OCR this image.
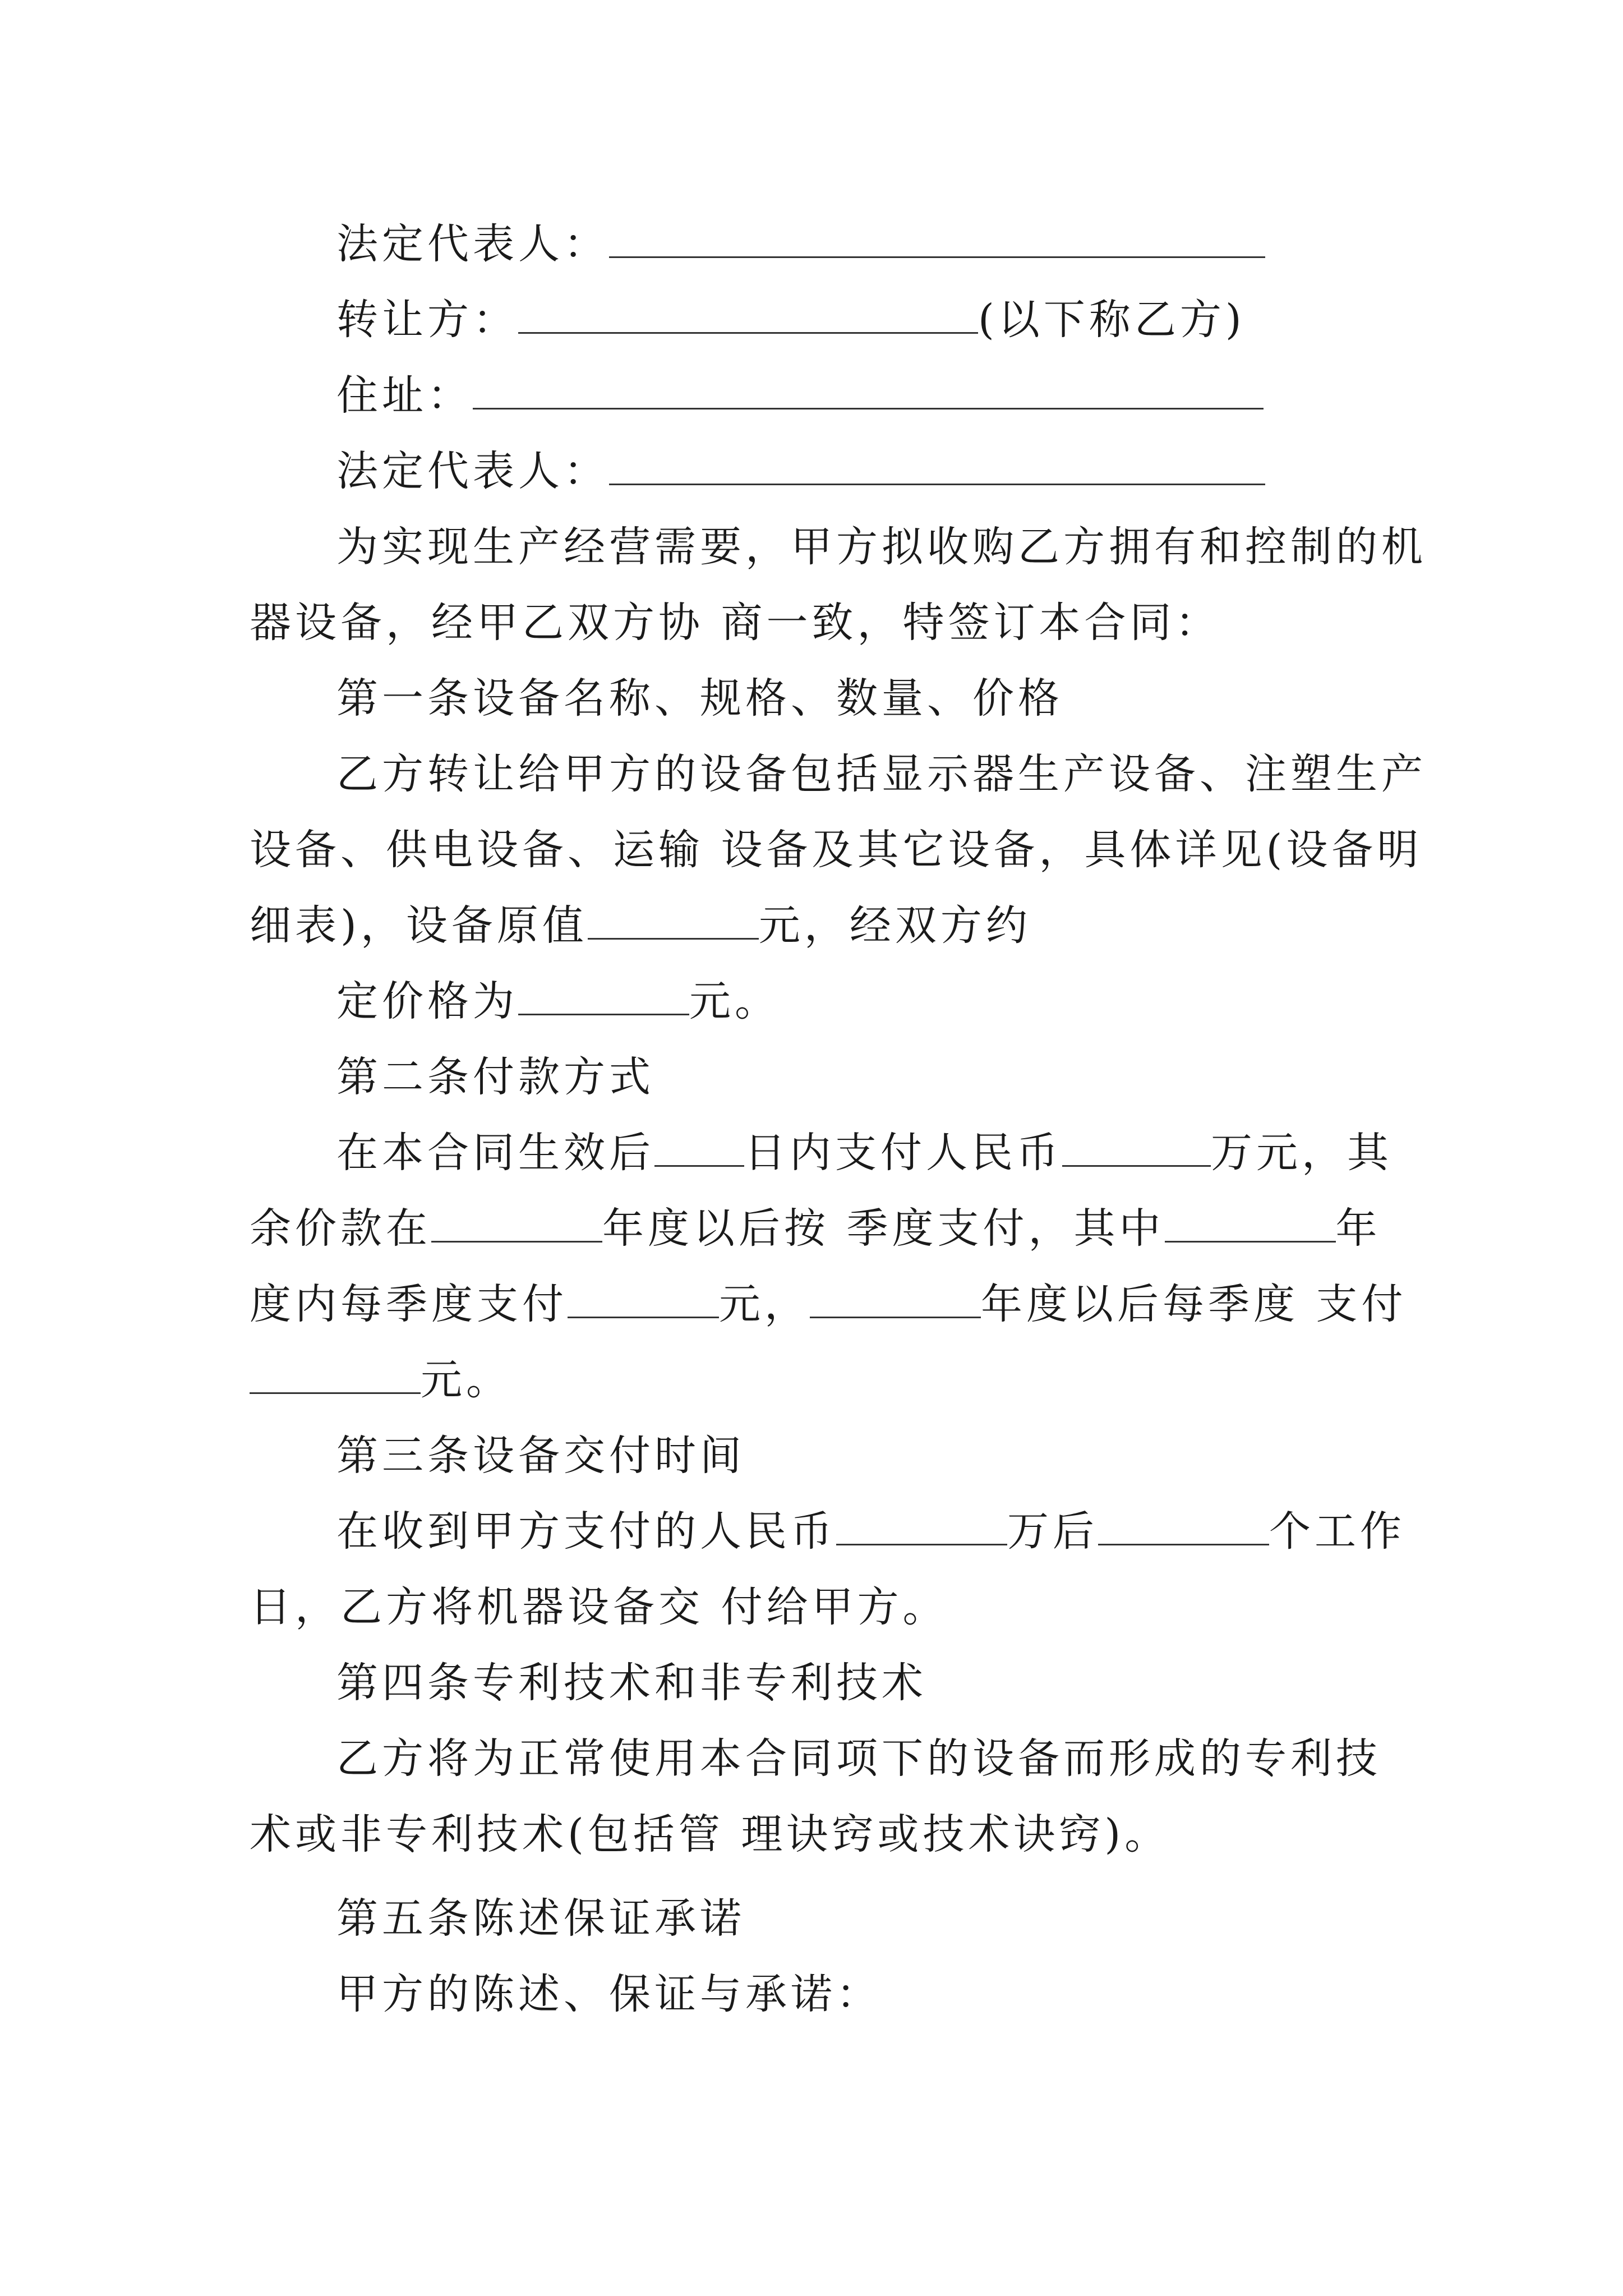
法定代表人：
转让方：	(以下称乙方)
住址：
法定代表人：
为实现生产经营需要，甲方拟收购乙方拥有和控制的机
器设备，经甲乙双方协 商一致，特签订本合同：
第一条设备名称、规格、数量、价格
乙方转让给甲方的设备包括显示器生产设备、注塑生产
设备、供电设备、运输 设备及其它设备，具体详见(设备明
细表)，设备原值	元，经双方约
定价格为	元。
第二条付款方式
在本合同生效后 日内支付人民币	万元，其
余价款在	年度以后按 季度支付，其中	年
度内每季度支付	元，	年度以后每季度 支付
元。
第三条设备交付时间
在收到甲方支付的人民币	万后	个工作
日，乙方将机器设备交 付给甲方。
第四条专利技术和非专利技术
乙方将为正常使用本合同项下的设备而形成的专利技
术或非专利技术(包括管 理诀窍或技术诀窍)。
第五条陈述保证承诺
甲方的陈述、保证与承诺：
